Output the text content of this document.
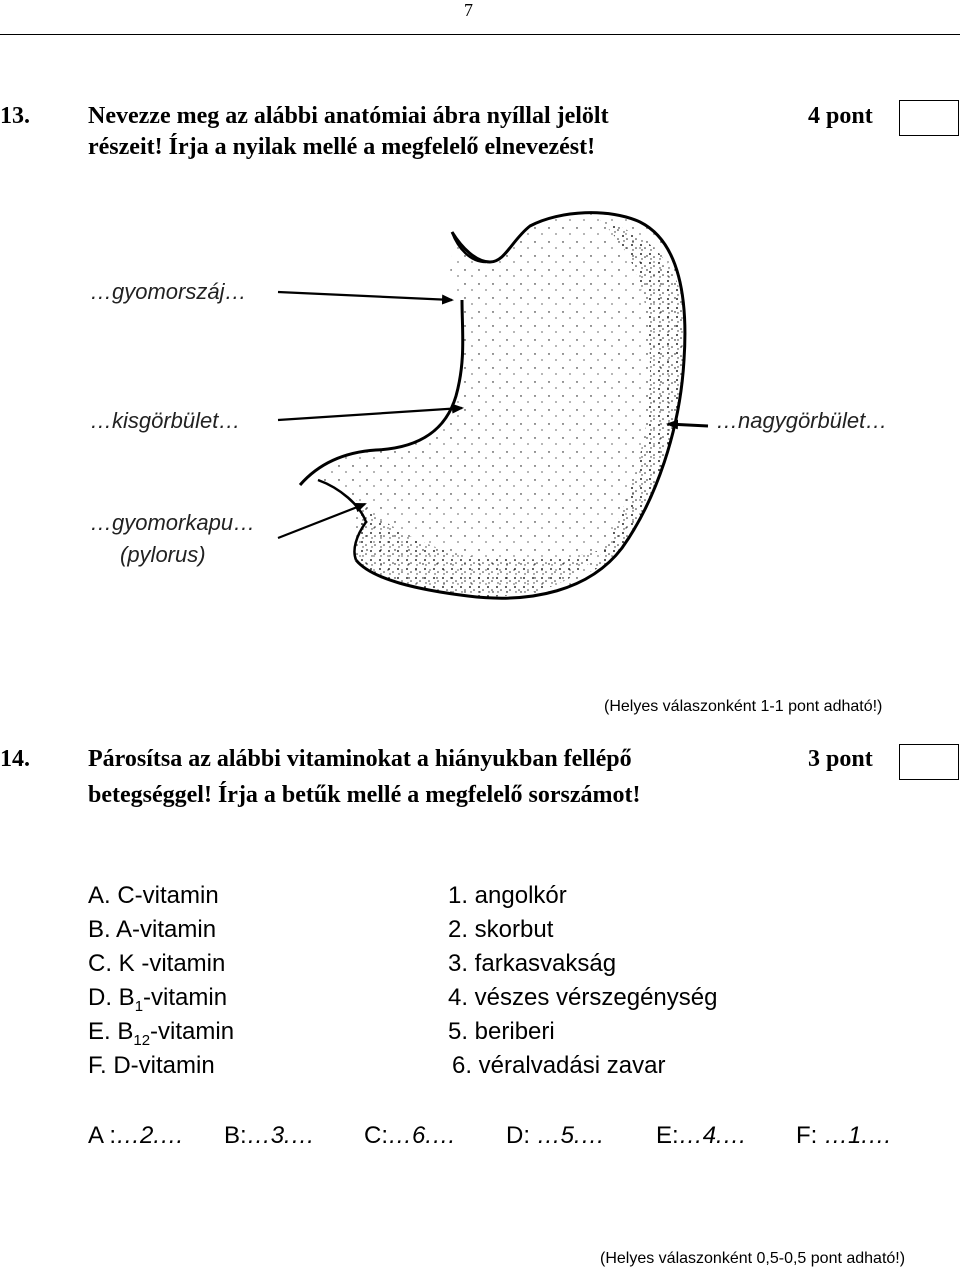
7
13. Nevezze meg az alábbi anatómiai ábra nyíllal jelölt
részeit! Írja a nyilak mellé a megfelelő elnevezést!
4 pont
…gyomorszáj…
…kisgörbület…	…nagygörbület…
…gyomorkapu…
(pylorus)
(Helyes válaszonként 1-1 pont adható!)
14. Párosítsa az alábbi vitaminokat a hiányukban fellépő
betegséggel! Írja a betűk mellé a megfelelő sorszámot!
3 pont
A. C-vitamin
B. A-vitamin
C. K -vitamin
D. $B_1$-vitamin
E. $B_{12}$-vitamin
F. D-vitamin
1. angolkór
2. skorbut
3. farkasvakság
4. vészes vérszegénység
5. beriberi
6. véralvadási zavar
A :…2.… B:…3.… C:…6.… D: …5.… E:…4.… F: …1.…
(Helyes válaszonként 0,5-0,5 pont adható!)
